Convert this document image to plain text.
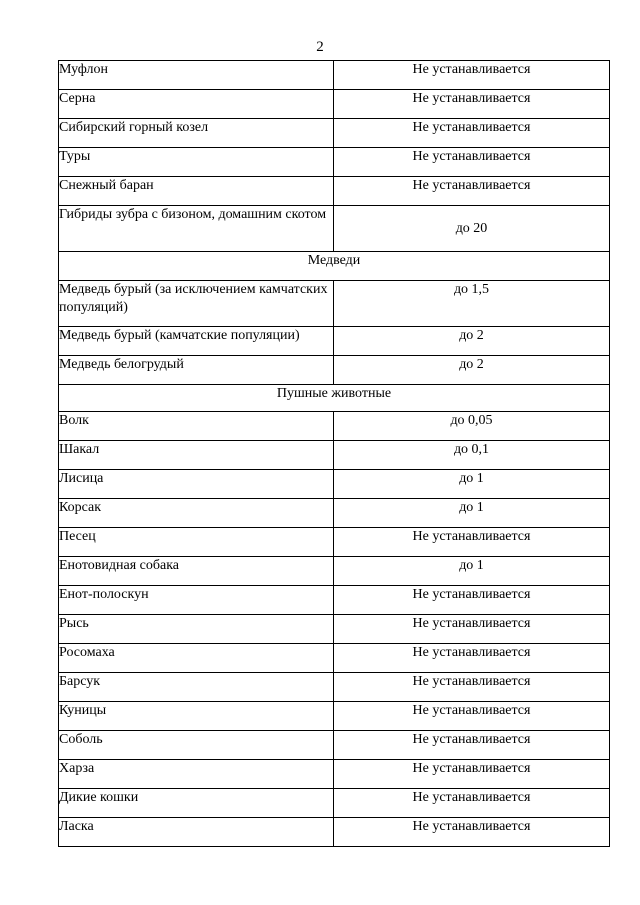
2
Муфлон	Не устанавливается
Серна	Не устанавливается
Сибирский горный козел	Не устанавливается
Туры	Не устанавливается
Снежный баран	Не устанавливается
Гибриды зубра с бизоном, домашним скотом	до 20
Медведи	
Медведь бурый (за исключением камчатских популяций)	до 1,5
Медведь бурый (камчатские популяции)	до 2
Медведь белогрудый	до 2
Пушные животные	
Волк	до 0,05
Шакал	до 0,1
Лисица	до 1
Корсак	до 1
Песец	Не устанавливается
Енотовидная собака	до 1
Енот-полоскун	Не устанавливается
Рысь	Не устанавливается
Росомаха	Не устанавливается
Барсук	Не устанавливается
Куницы	Не устанавливается
Соболь	Не устанавливается
Харза	Не устанавливается
Дикие кошки	Не устанавливается
Ласка	Не устанавливается
